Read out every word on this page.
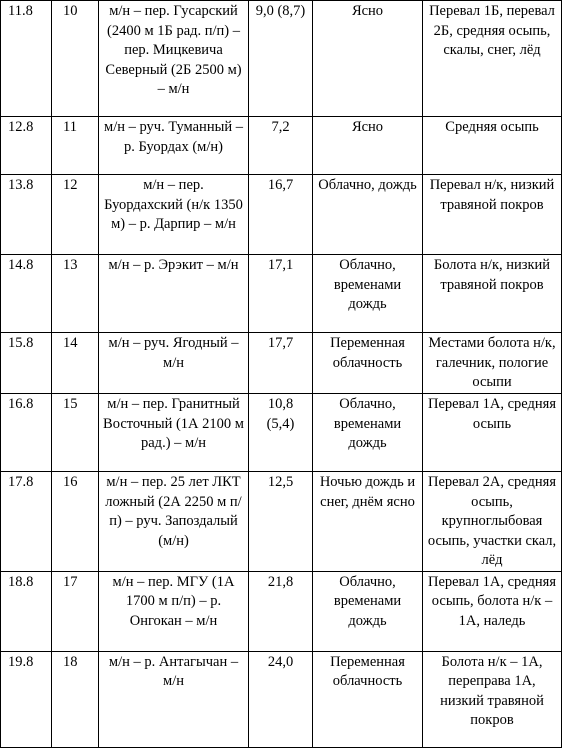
11.8	10	м/н – пер. Гусарский (2400 м 1Б рад. п/п) – пер. Мицкевича Северный (2Б 2500 м) – м/н	9,0 (8,7)	Ясно	Перевал 1Б, перевал 2Б, средняя осыпь, скалы, снег, лёд
12.8	11	м/н – руч. Туманный – р. Буордах (м/н)	7,2	Ясно	Средняя осыпь
13.8	12	м/н – пер. Буордахский (н/к 1350 м) – р. Дарпир – м/н	16,7	Облачно, дождь	Перевал н/к, низкий травяной покров
14.8	13	м/н – р. Эрэкит – м/н	17,1	Облачно, временами дождь	Болота н/к, низкий травяной покров
15.8	14	м/н – руч. Ягодный – м/н	17,7	Переменная облачность	Местами болота н/к, галечник, пологие осыпи
16.8	15	м/н – пер. Гранитный Восточный (1А 2100 м рад.) – м/н	10,8 (5,4)	Облачно, временами дождь	Перевал 1А, средняя осыпь
17.8	16	м/н – пер. 25 лет ЛКТ ложный (2А 2250 м п/п) – руч. Запоздалый (м/н)	12,5	Ночью дождь и снег, днём ясно	Перевал 2А, средняя осыпь, крупноглыбовая осыпь, участки скал, лёд
18.8	17	м/н – пер. МГУ (1А 1700 м п/п) – р. Онгокан – м/н	21,8	Облачно, временами дождь	Перевал 1А, средняя осыпь, болота н/к – 1А, наледь
19.8	18	м/н – р. Антагычан – м/н	24,0	Переменная облачность	Болота н/к – 1А, переправа 1А, низкий травяной покров
